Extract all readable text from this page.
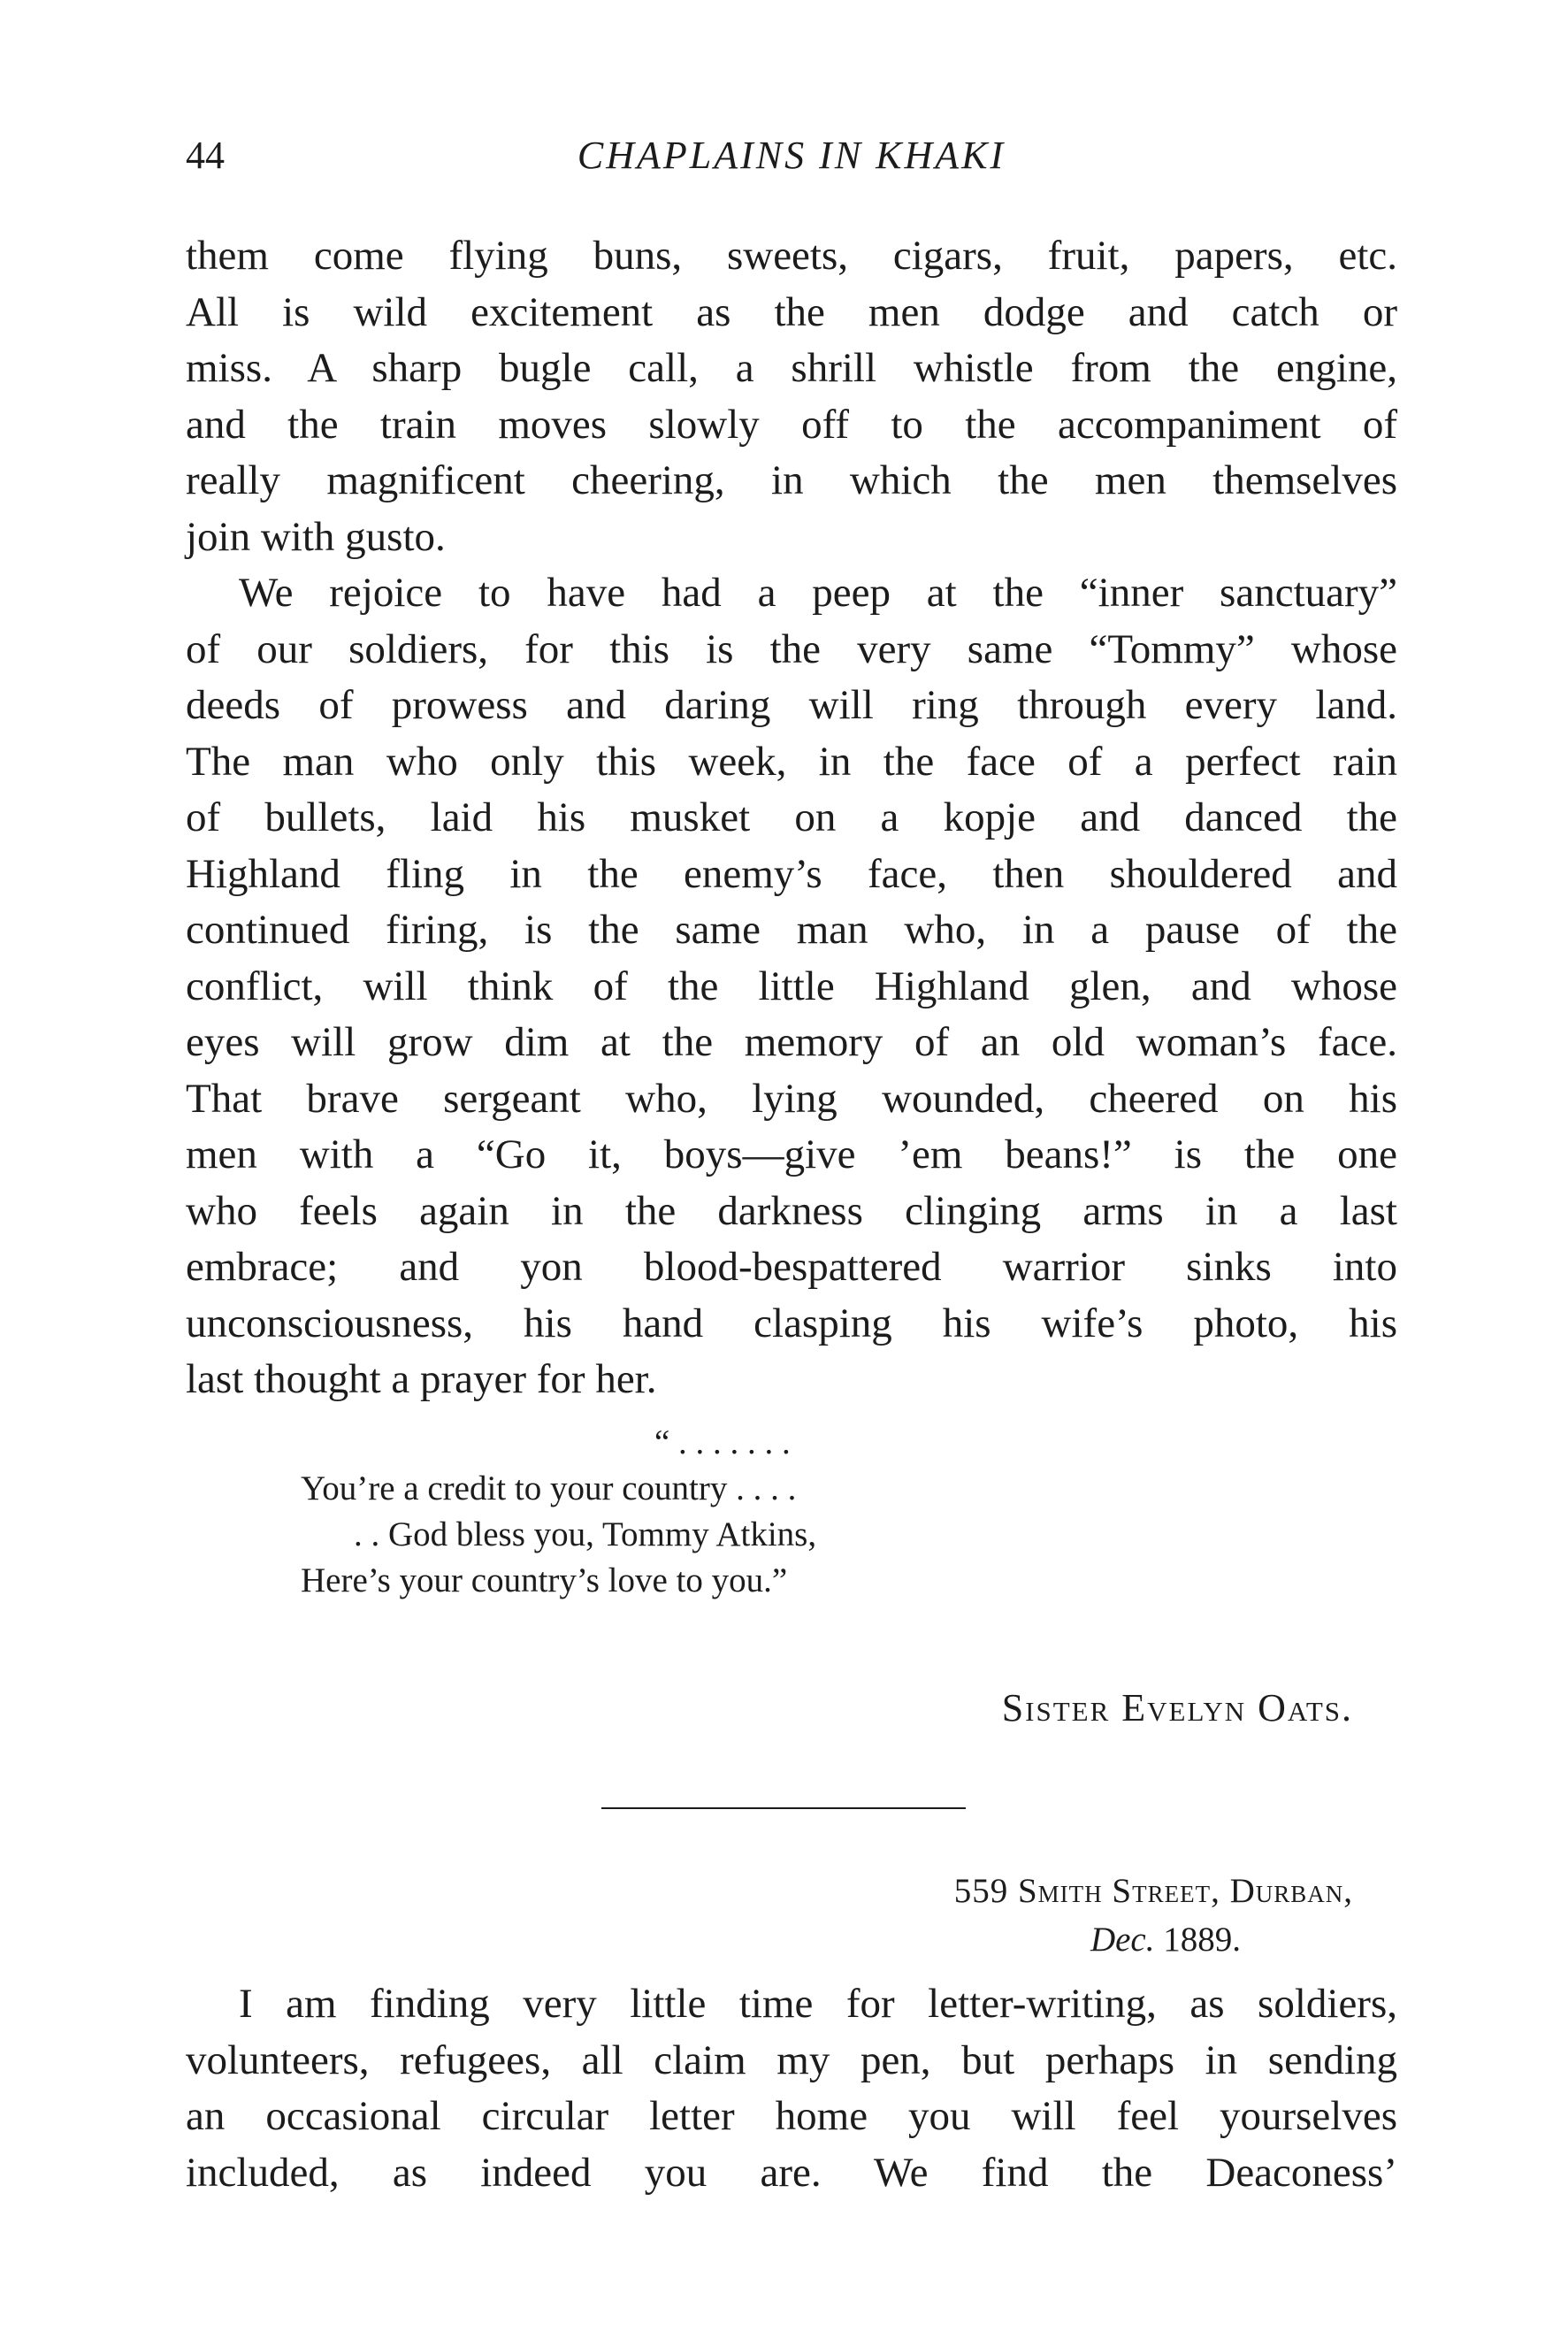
44	CHAPLAINS IN KHAKI
them come flying buns, sweets, cigars, fruit, papers, etc.
All is wild excitement as the men dodge and catch or
miss. A sharp bugle call, a shrill whistle from the engine,
and the train moves slowly off to the accompaniment of
really magnificent cheering, in which the men themselves
join with gusto.
We rejoice to have had a peep at the “inner sanctuary”
of our soldiers, for this is the very same “Tommy” whose
deeds of prowess and daring will ring through every land.
The man who only this week, in the face of a perfect rain
of bullets, laid his musket on a kopje and danced the
Highland fling in the enemy’s face, then shouldered and
continued firing, is the same man who, in a pause of the
conflict, will think of the little Highland glen, and whose
eyes will grow dim at the memory of an old woman’s face.
That brave sergeant who, lying wounded, cheered on his
men with a “Go it, boys—give ’em beans!” is the one
who feels again in the darkness clinging arms in a last
embrace; and yon blood-bespattered warrior sinks into
unconsciousness, his hand clasping his wife’s photo, his
last thought a prayer for her.
“ . . . . . . .
You’re a credit to your country . . . .
. . God bless you, Tommy Atkins,
Here’s your country’s love to you.”
Sister Evelyn Oats.
559 Smith Street, Durban,
Dec. 1889.
I am finding very little time for letter-writing, as soldiers,
volunteers, refugees, all claim my pen, but perhaps in sending
an occasional circular letter home you will feel yourselves
included, as indeed you are. We find the Deaconess’
